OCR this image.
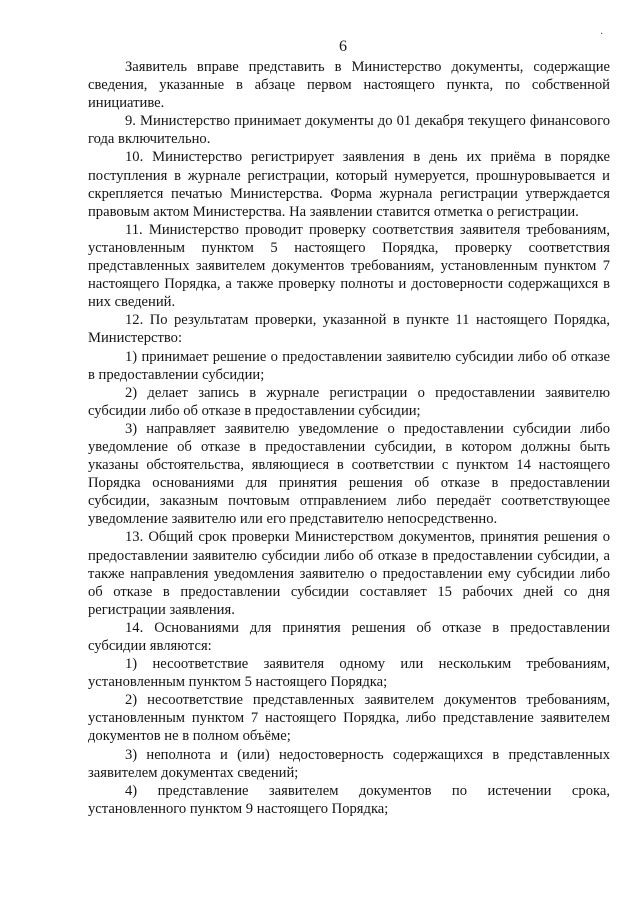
6
·

Заявитель вправе представить в Министерство документы, содержащие сведения, указанные в абзаце первом настоящего пункта, по собственной инициативе.

9. Министерство принимает документы до 01 декабря текущего финансового года включительно.

10. Министерство регистрирует заявления в день их приёма в порядке поступления в журнале регистрации, который нумеруется, прошнуровывается и скрепляется печатью Министерства. Форма журнала регистрации утверждается правовым актом Министерства. На заявлении ставится отметка о регистрации.

11. Министерство проводит проверку соответствия заявителя требованиям, установленным пунктом 5 настоящего Порядка, проверку соответствия представленных заявителем документов требованиям, установленным пунктом 7 настоящего Порядка, а также проверку полноты и достоверности содержащихся в них сведений.

12. По результатам проверки, указанной в пункте 11 настоящего Порядка, Министерство:

1) принимает решение о предоставлении заявителю субсидии либо об отказе в предоставлении субсидии;

2) делает запись в журнале регистрации о предоставлении заявителю субсидии либо об отказе в предоставлении субсидии;

3) направляет заявителю уведомление о предоставлении субсидии либо уведомление об отказе в предоставлении субсидии, в котором должны быть указаны обстоятельства, являющиеся в соответствии с пунктом 14 настоящего Порядка основаниями для принятия решения об отказе в предоставлении субсидии, заказным почтовым отправлением либо передаёт соответствующее уведомление заявителю или его представителю непосредственно.

13. Общий срок проверки Министерством документов, принятия решения о предоставлении заявителю субсидии либо об отказе в предоставлении субсидии, а также направления уведомления заявителю о предоставлении ему субсидии либо об отказе в предоставлении субсидии составляет 15 рабочих дней со дня регистрации заявления.

14. Основаниями для принятия решения об отказе в предоставлении субсидии являются:

1) несоответствие заявителя одному или нескольким требованиям, установленным пунктом 5 настоящего Порядка;

2) несоответствие представленных заявителем документов требованиям, установленным пунктом 7 настоящего Порядка, либо представление заявителем документов не в полном объёме;

3) неполнота и (или) недостоверность содержащихся в представленных заявителем документах сведений;

4) представление заявителем документов по истечении срока, установленного пунктом 9 настоящего Порядка;
